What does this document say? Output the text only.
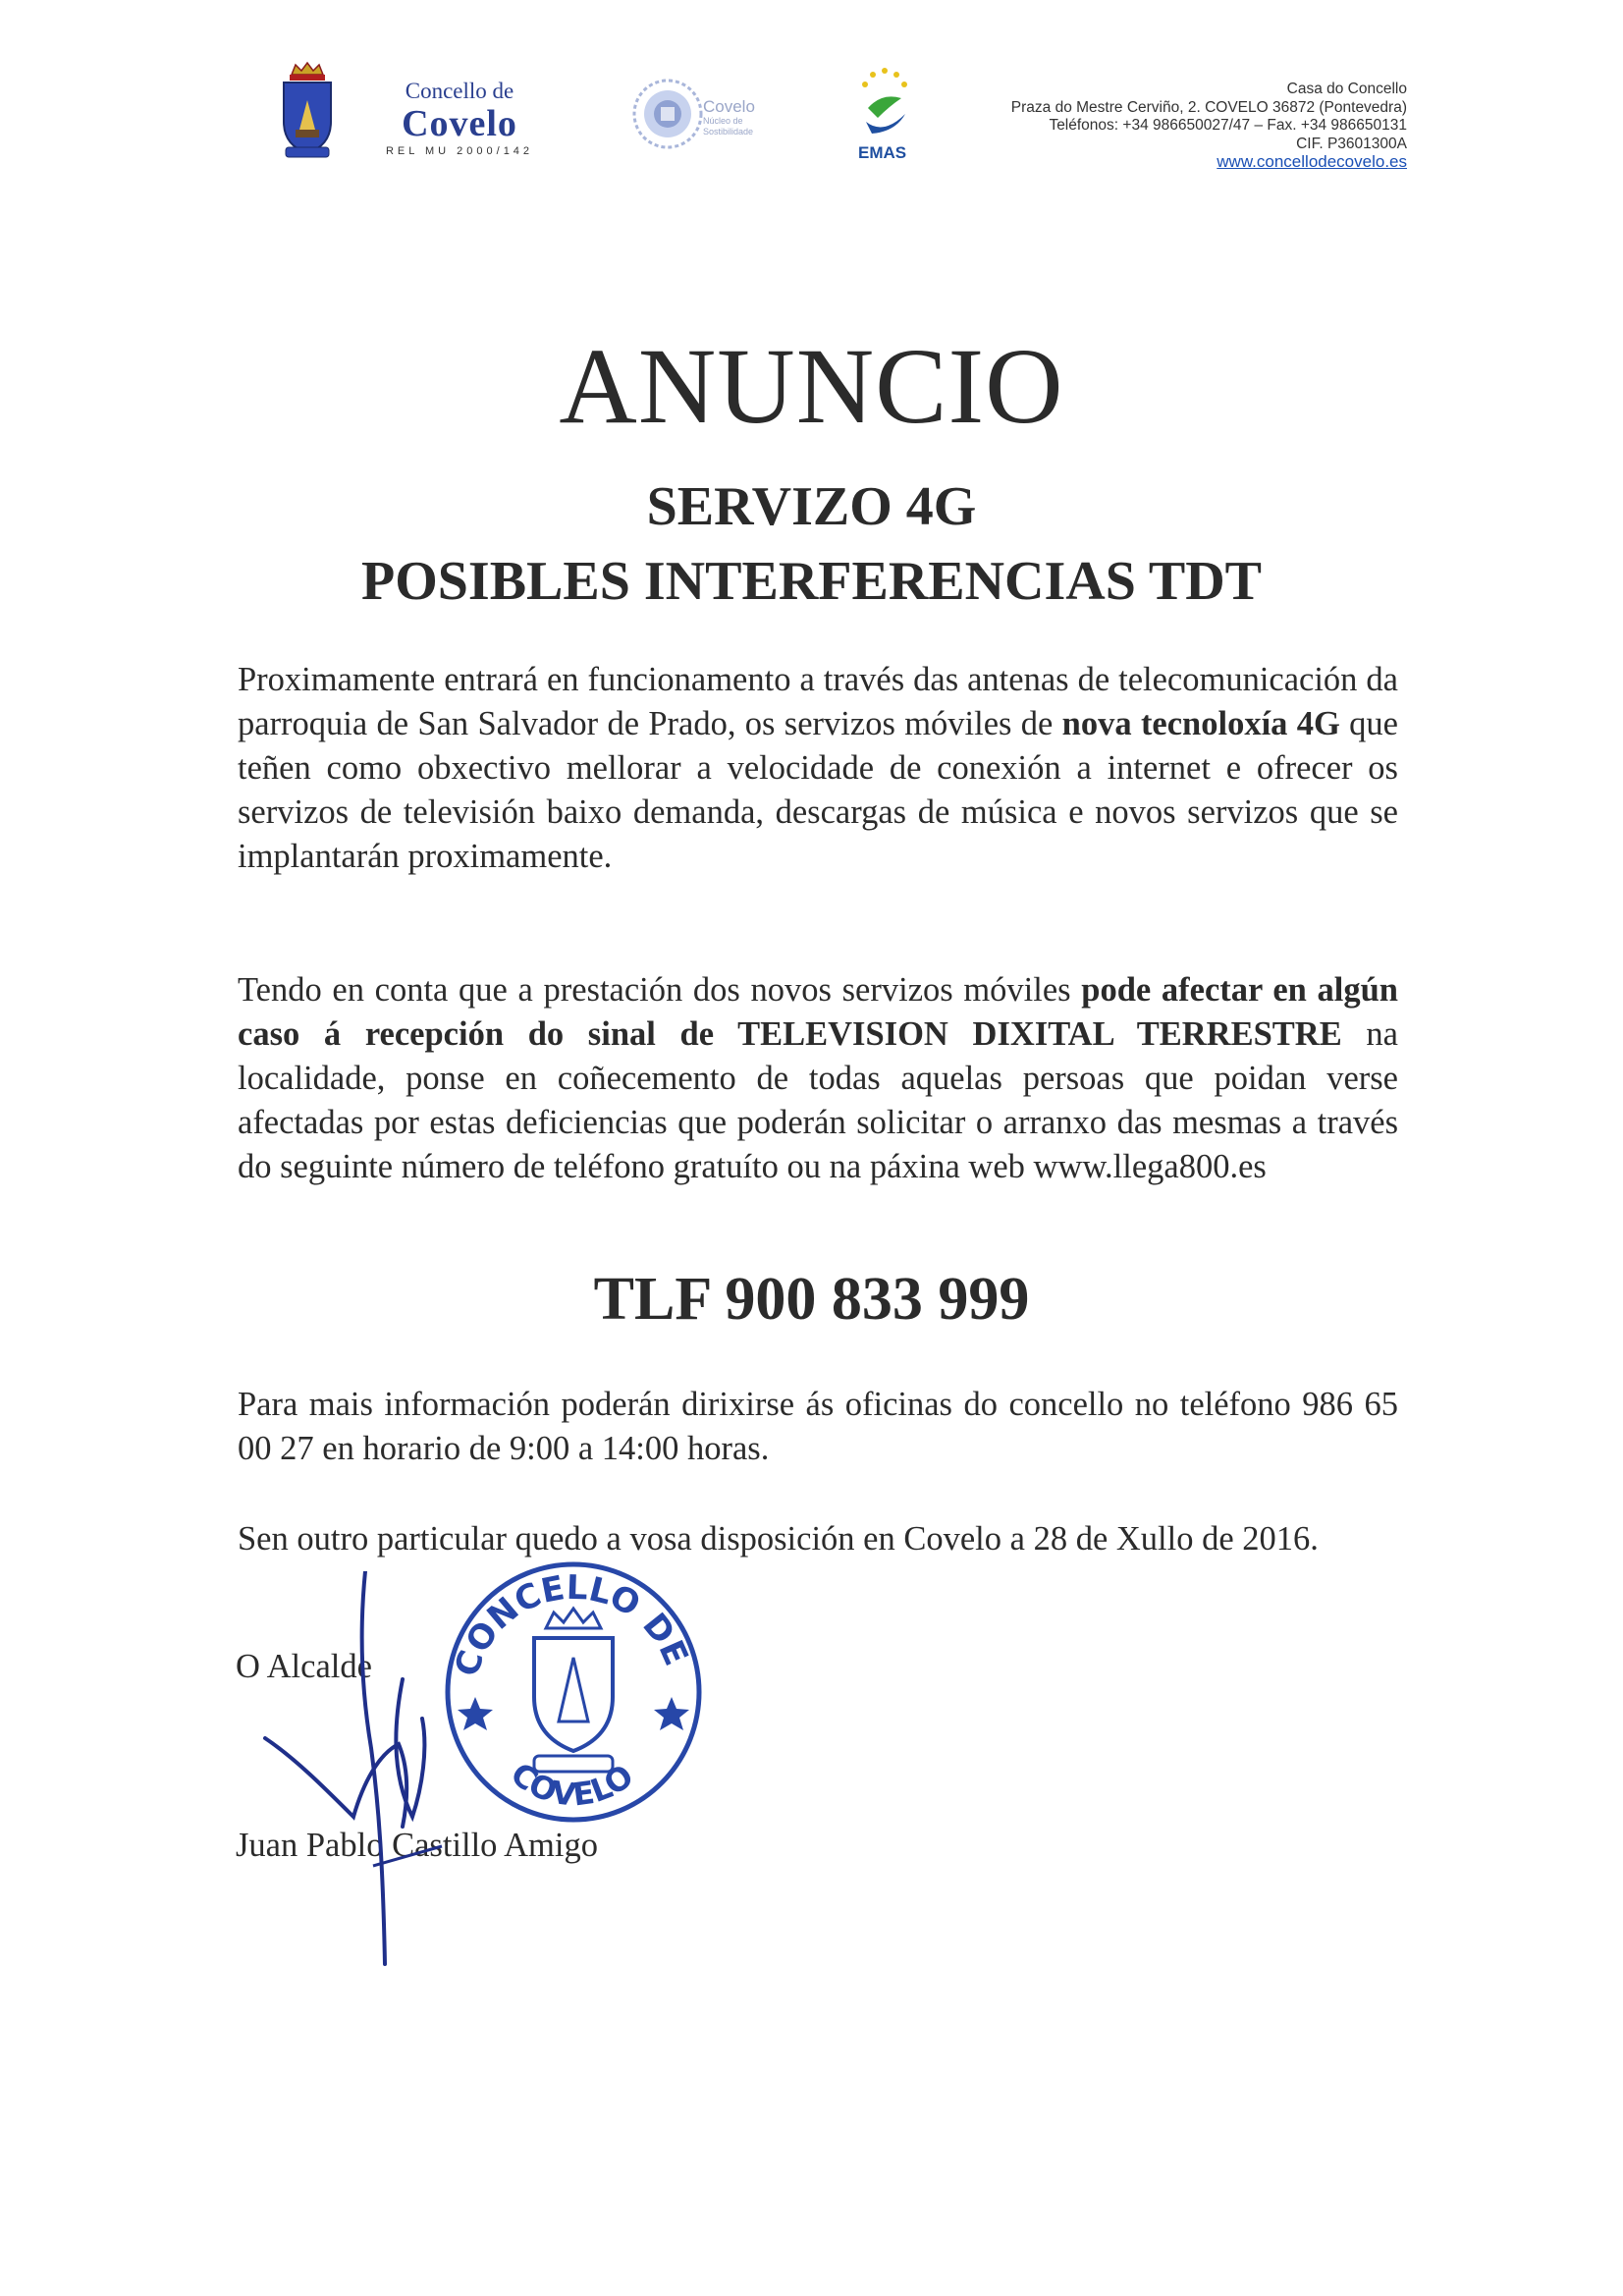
Concello de
Covelo
REL MU 2000/142
Covelo
Núcleo de
Sostibilidade
EMAS
Casa do Concello
Praza do Mestre Cerviño, 2. COVELO 36872 (Pontevedra)
Teléfonos: +34 986650027/47 – Fax. +34 986650131
CIF. P3601300A
www.concellodecovelo.es
ANUNCIO
SERVIZO 4G
POSIBLES INTERFERENCIAS TDT
Proximamente entrará en funcionamento a través das antenas de telecomunicación da parroquia de San Salvador de Prado, os servizos móviles de nova tecnoloxía 4G que teñen como obxectivo mellorar a velocidade de conexión a internet e ofrecer os servizos de televisión baixo demanda, descargas de música e novos servizos que se implantarán proximamente.
Tendo en conta que a prestación dos novos servizos móviles pode afectar en algún caso á recepción do sinal de TELEVISION DIXITAL TERRESTRE na localidade, ponse en coñecemento de todas aquelas persoas que poidan verse afectadas por estas deficiencias que poderán solicitar o arranxo das mesmas a través do seguinte número de teléfono gratuíto ou na páxina web www.llega800.es
TLF 900 833 999
Para mais información poderán dirixirse ás oficinas do concello no teléfono 986 65 00 27 en horario de 9:00 a 14:00 horas.
Sen outro particular quedo a vosa disposición en Covelo a 28 de Xullo de 2016.
O Alcalde
Juan Pablo Castillo Amigo
CONCELLO DE
COVELO
